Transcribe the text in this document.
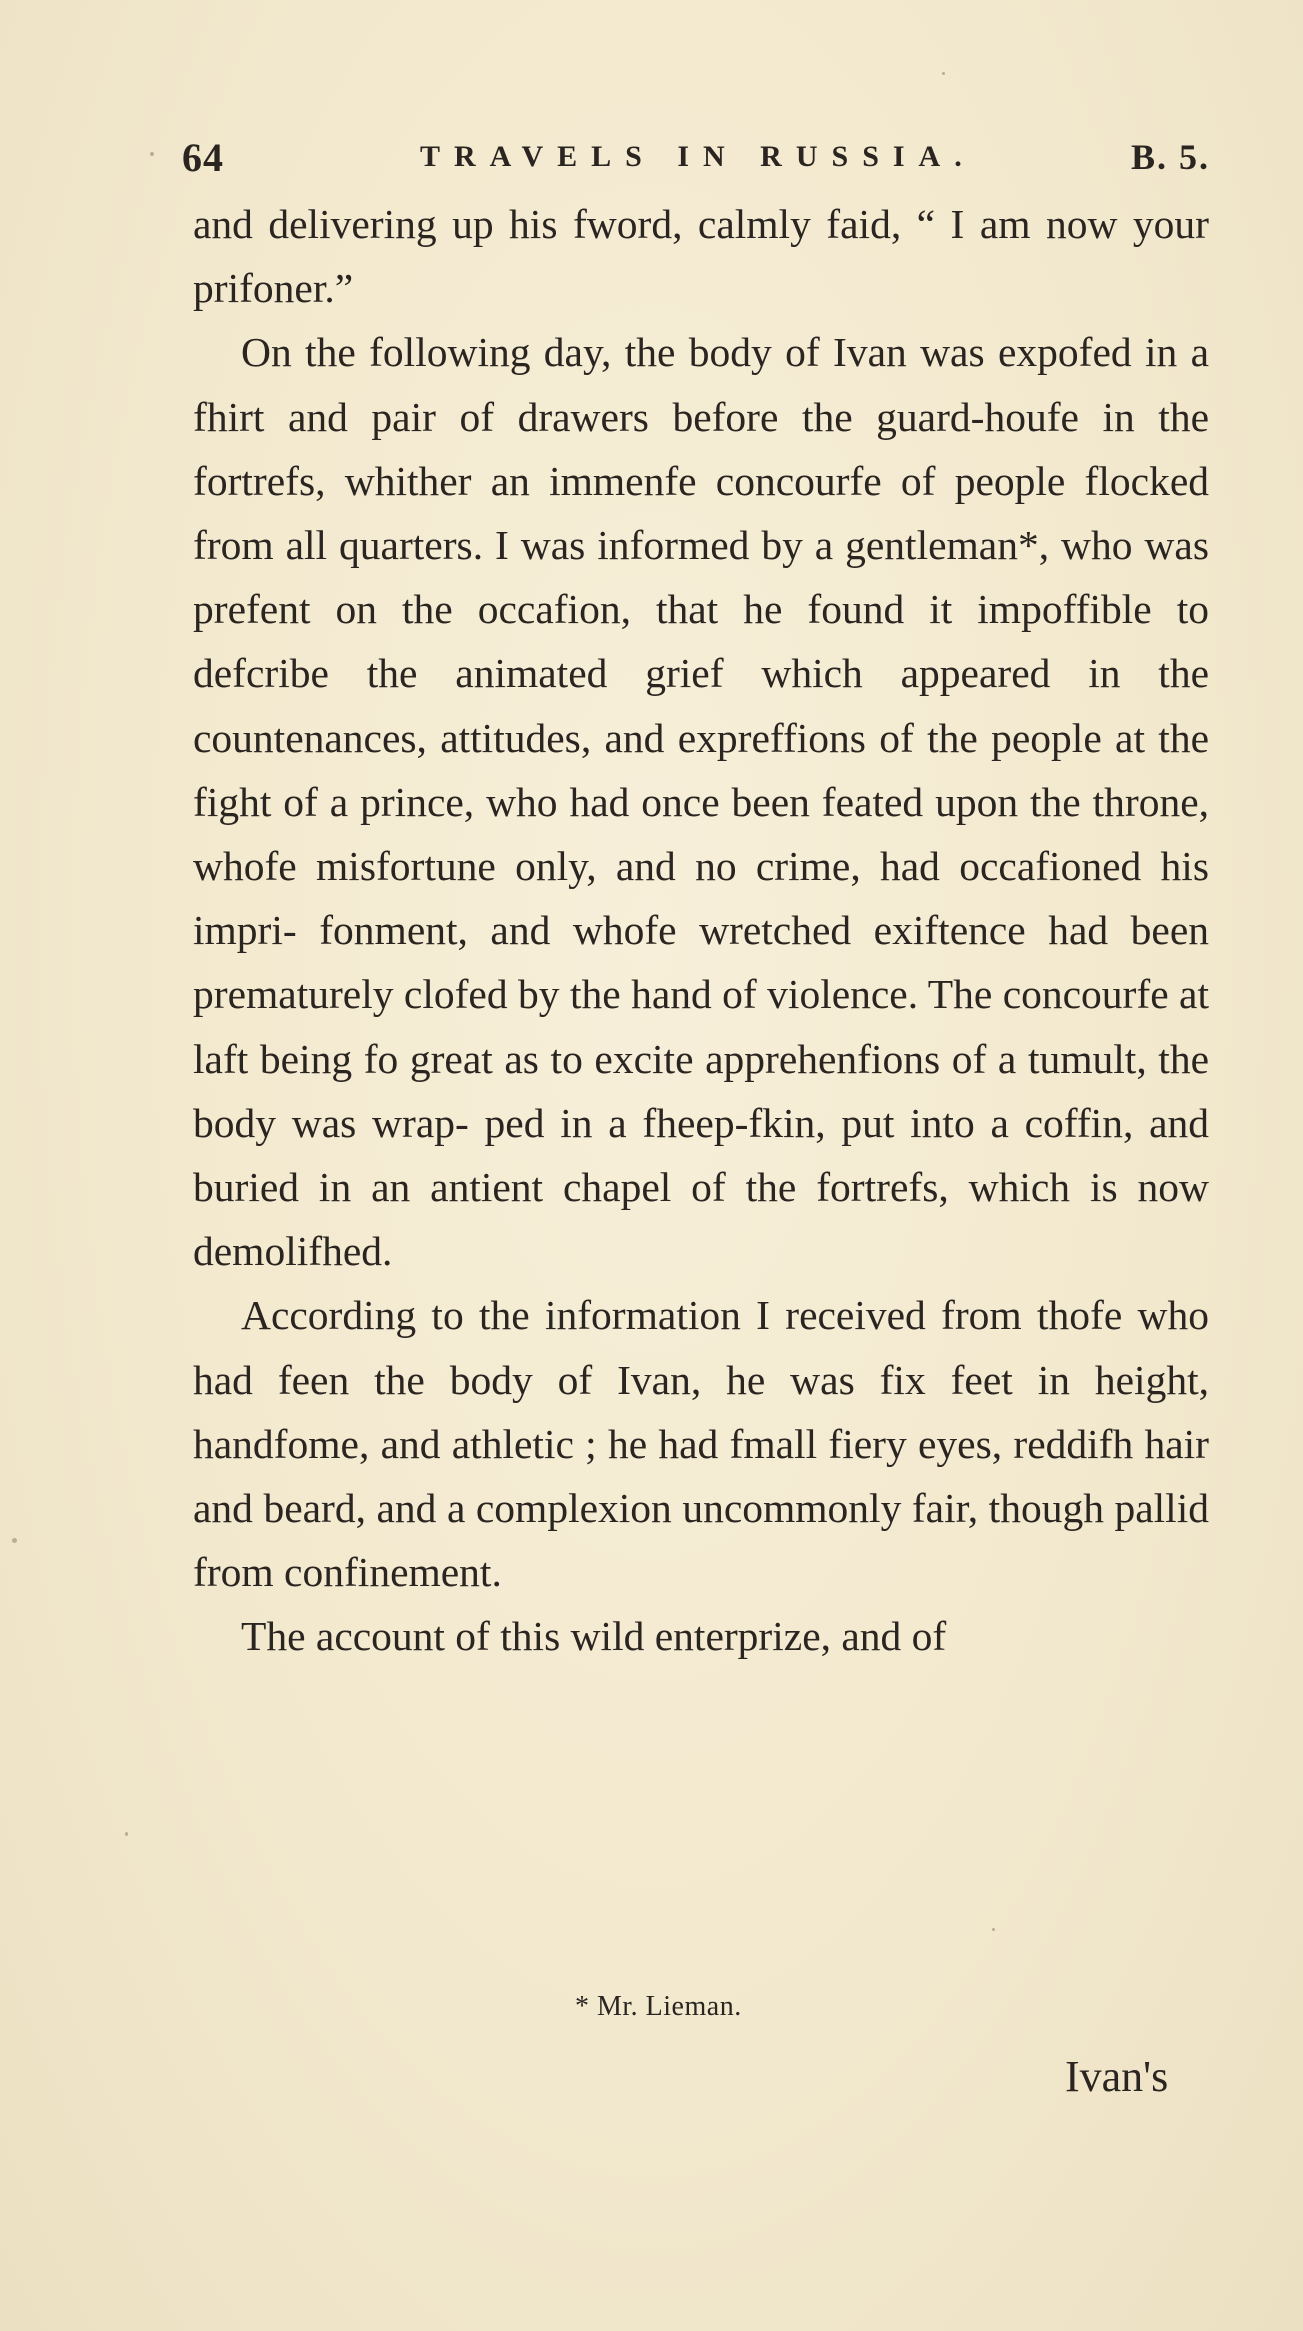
64	TRAVELS IN RUSSIA.	B. 5.

and delivering up his fword, calmly faid, “ I am now your prifoner.”

On the following day, the body of Ivan was expofed in a fhirt and pair of drawers before the guard-houfe in the fortrefs, whither an immenfe concourfe of people flocked from all quarters. I was informed by a gentleman*, who was prefent on the occafion, that he found it impoffible to defcribe the animated grief which appeared in the countenances, attitudes, and expreffions of the people at the fight of a prince, who had once been feated upon the throne, whofe misfortune only, and no crime, had occafioned his impri- fonment, and whofe wretched exiftence had been prematurely clofed by the hand of violence. The concourfe at laft being fo great as to excite apprehenfions of a tumult, the body was wrap- ped in a fheep-fkin, put into a coffin, and buried in an antient chapel of the fortrefs, which is now demolifhed.

According to the information I received from thofe who had feen the body of Ivan, he was fix feet in height, handfome, and athletic ; he had fmall fiery eyes, reddifh hair and beard, and a complexion uncommonly fair, though pallid from confinement.

The account of this wild enterprize, and of

* Mr. Lieman.
Ivan's
